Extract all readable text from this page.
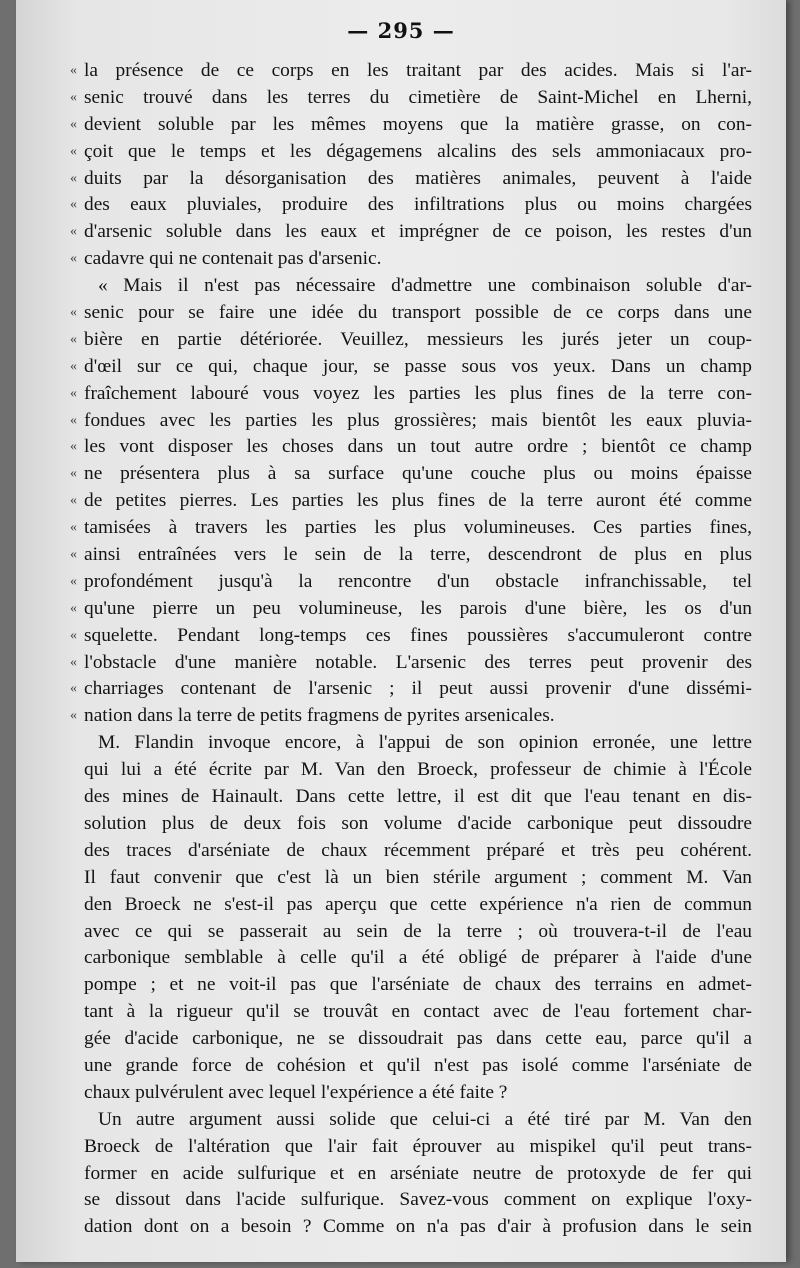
— 295 —
« la présence de ce corps en les traitant par des acides. Mais si l'ar-
« senic trouvé dans les terres du cimetière de Saint-Michel en Lherni,
« devient soluble par les mêmes moyens que la matière grasse, on con-
« çoit que le temps et les dégagemens alcalins des sels ammoniacaux pro-
« duits par la désorganisation des matières animales, peuvent à l'aide
« des eaux pluviales, produire des infiltrations plus ou moins chargées
« d'arsenic soluble dans les eaux et imprégner de ce poison, les restes d'un
« cadavre qui ne contenait pas d'arsenic.
« Mais il n'est pas nécessaire d'admettre une combinaison soluble d'ar-
« senic pour se faire une idée du transport possible de ce corps dans une
« bière en partie détériorée. Veuillez, messieurs les jurés jeter un coup-
« d'œil sur ce qui, chaque jour, se passe sous vos yeux. Dans un champ
« fraîchement labouré vous voyez les parties les plus fines de la terre con-
« fondues avec les parties les plus grossières; mais bientôt les eaux pluvia-
« les vont disposer les choses dans un tout autre ordre ; bientôt ce champ
« ne présentera plus à sa surface qu'une couche plus ou moins épaisse
« de petites pierres. Les parties les plus fines de la terre auront été comme
« tamisées à travers les parties les plus volumineuses. Ces parties fines,
« ainsi entraînées vers le sein de la terre, descendront de plus en plus
« profondément jusqu'à la rencontre d'un obstacle infranchissable, tel
« qu'une pierre un peu volumineuse, les parois d'une bière, les os d'un
« squelette. Pendant long-temps ces fines poussières s'accumuleront contre
« l'obstacle d'une manière notable. L'arsenic des terres peut provenir des
« charriages contenant de l'arsenic ; il peut aussi provenir d'une dissémi-
« nation dans la terre de petits fragmens de pyrites arsenicales.
M. Flandin invoque encore, à l'appui de son opinion erronée, une lettre
qui lui a été écrite par M. Van den Broeck, professeur de chimie à l'École
des mines de Hainault. Dans cette lettre, il est dit que l'eau tenant en dis-
solution plus de deux fois son volume d'acide carbonique peut dissoudre
des traces d'arséniate de chaux récemment préparé et très peu cohérent.
Il faut convenir que c'est là un bien stérile argument ; comment M. Van
den Broeck ne s'est-il pas aperçu que cette expérience n'a rien de commun
avec ce qui se passerait au sein de la terre ; où trouvera-t-il de l'eau
carbonique semblable à celle qu'il a été obligé de préparer à l'aide d'une
pompe ; et ne voit-il pas que l'arséniate de chaux des terrains en admet-
tant à la rigueur qu'il se trouvât en contact avec de l'eau fortement char-
gée d'acide carbonique, ne se dissoudrait pas dans cette eau, parce qu'il a
une grande force de cohésion et qu'il n'est pas isolé comme l'arséniate de
chaux pulvérulent avec lequel l'expérience a été faite ?
Un autre argument aussi solide que celui-ci a été tiré par M. Van den
Broeck de l'altération que l'air fait éprouver au mispikel qu'il peut trans-
former en acide sulfurique et en arséniate neutre de protoxyde de fer qui
se dissout dans l'acide sulfurique. Savez-vous comment on explique l'oxy-
dation dont on a besoin ? Comme on n'a pas d'air à profusion dans le sein
